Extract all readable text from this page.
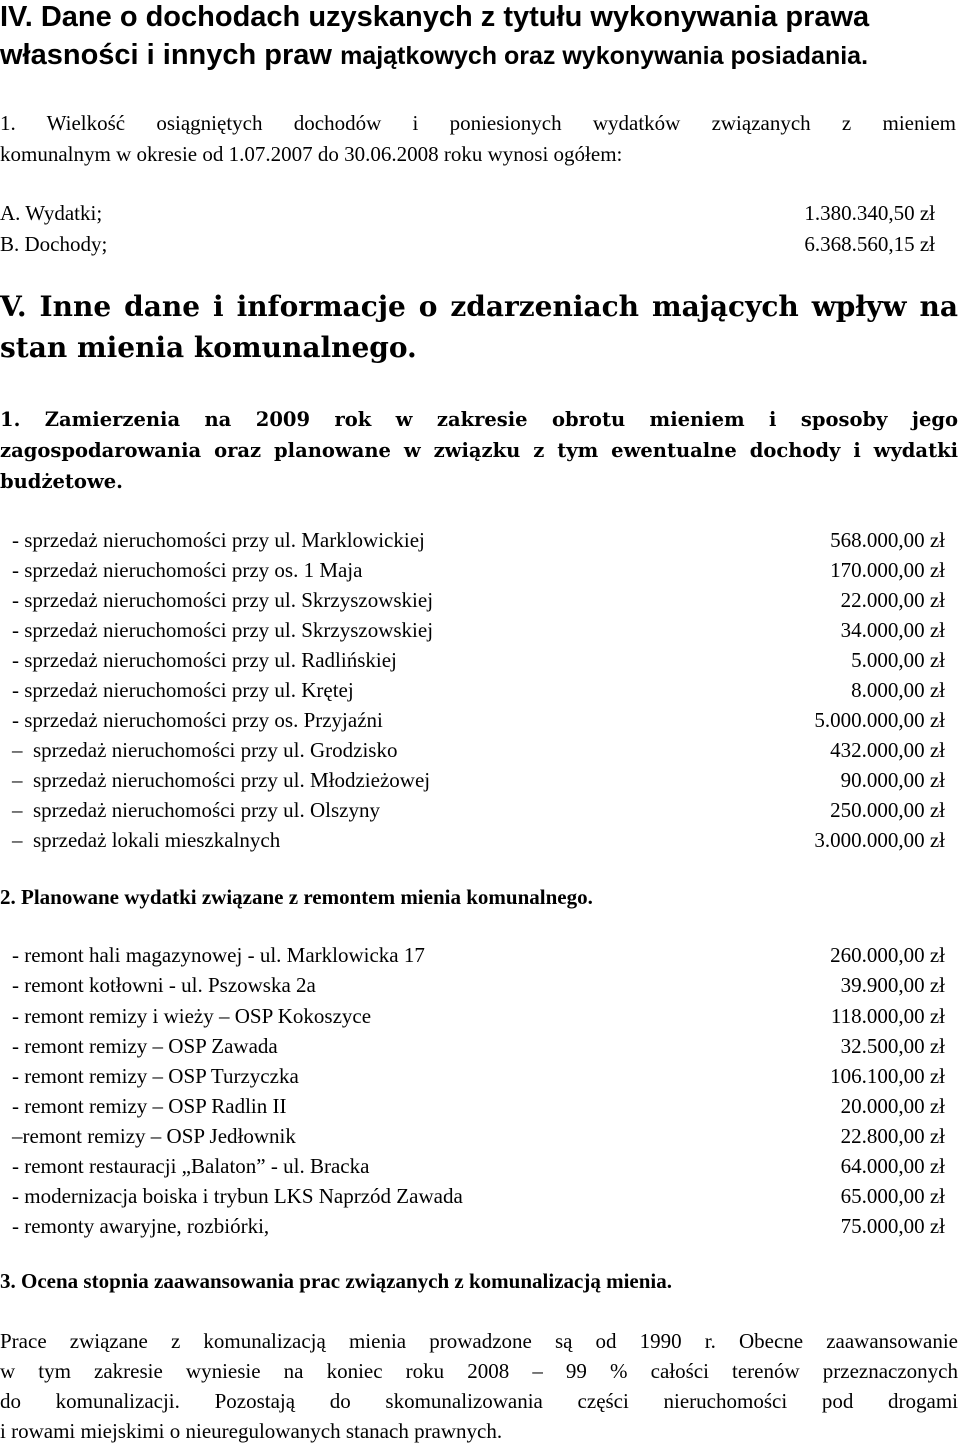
IV. Dane o dochodach uzyskanych z tytułu wykonywania prawa
własności i innych praw majątkowych oraz wykonywania posiadania.
1. Wielkość osiągniętych dochodów i poniesionych wydatków związanych z mieniem
komunalnym w okresie od 1.07.2007 do 30.06.2008 roku wynosi ogółem:
A. Wydatki;	1.380.340,50 zł
B. Dochody;	6.368.560,15 zł
V. Inne dane i informacje o zdarzeniach mających wpływ na
stan mienia komunalnego.
1. Zamierzenia na 2009 rok w zakresie obrotu mieniem i sposoby jego
zagospodarowania oraz planowane w związku z tym ewentualne dochody i wydatki
budżetowe.
- sprzedaż nieruchomości przy ul. Marklowickiej	568.000,00 zł
- sprzedaż nieruchomości przy os. 1 Maja	170.000,00 zł
- sprzedaż nieruchomości przy ul. Skrzyszowskiej	22.000,00 zł
- sprzedaż nieruchomości przy ul. Skrzyszowskiej	34.000,00 zł
- sprzedaż nieruchomości przy ul. Radlińskiej	5.000,00 zł
- sprzedaż nieruchomości przy ul. Krętej	8.000,00 zł
- sprzedaż nieruchomości przy os. Przyjaźni	5.000.000,00 zł
– sprzedaż nieruchomości przy ul. Grodzisko	432.000,00 zł
– sprzedaż nieruchomości przy ul. Młodzieżowej	90.000,00 zł
– sprzedaż nieruchomości przy ul. Olszyny	250.000,00 zł
– sprzedaż lokali mieszkalnych	3.000.000,00 zł
2. Planowane wydatki związane z remontem mienia komunalnego.
- remont hali magazynowej - ul. Marklowicka 17	260.000,00 zł
- remont kotłowni - ul. Pszowska 2a	39.900,00 zł
- remont remizy i wieży – OSP Kokoszyce	118.000,00 zł
- remont remizy – OSP Zawada	32.500,00 zł
- remont remizy – OSP Turzyczka	106.100,00 zł
- remont remizy – OSP Radlin II	20.000,00 zł
–remont remizy – OSP Jedłownik	22.800,00 zł
- remont restauracji „Balaton” - ul. Bracka	64.000,00 zł
- modernizacja boiska i trybun LKS Naprzód Zawada	65.000,00 zł
- remonty awaryjne, rozbiórki,	75.000,00 zł
3. Ocena stopnia zaawansowania prac związanych z komunalizacją mienia.
Prace związane z komunalizacją mienia prowadzone są od 1990 r. Obecne zaawansowanie
w tym zakresie wyniesie na koniec roku 2008 – 99 % całości terenów przeznaczonych
do komunalizacji. Pozostają do skomunalizowania części nieruchomości pod drogami
i rowami miejskimi o nieuregulowanych stanach prawnych.
